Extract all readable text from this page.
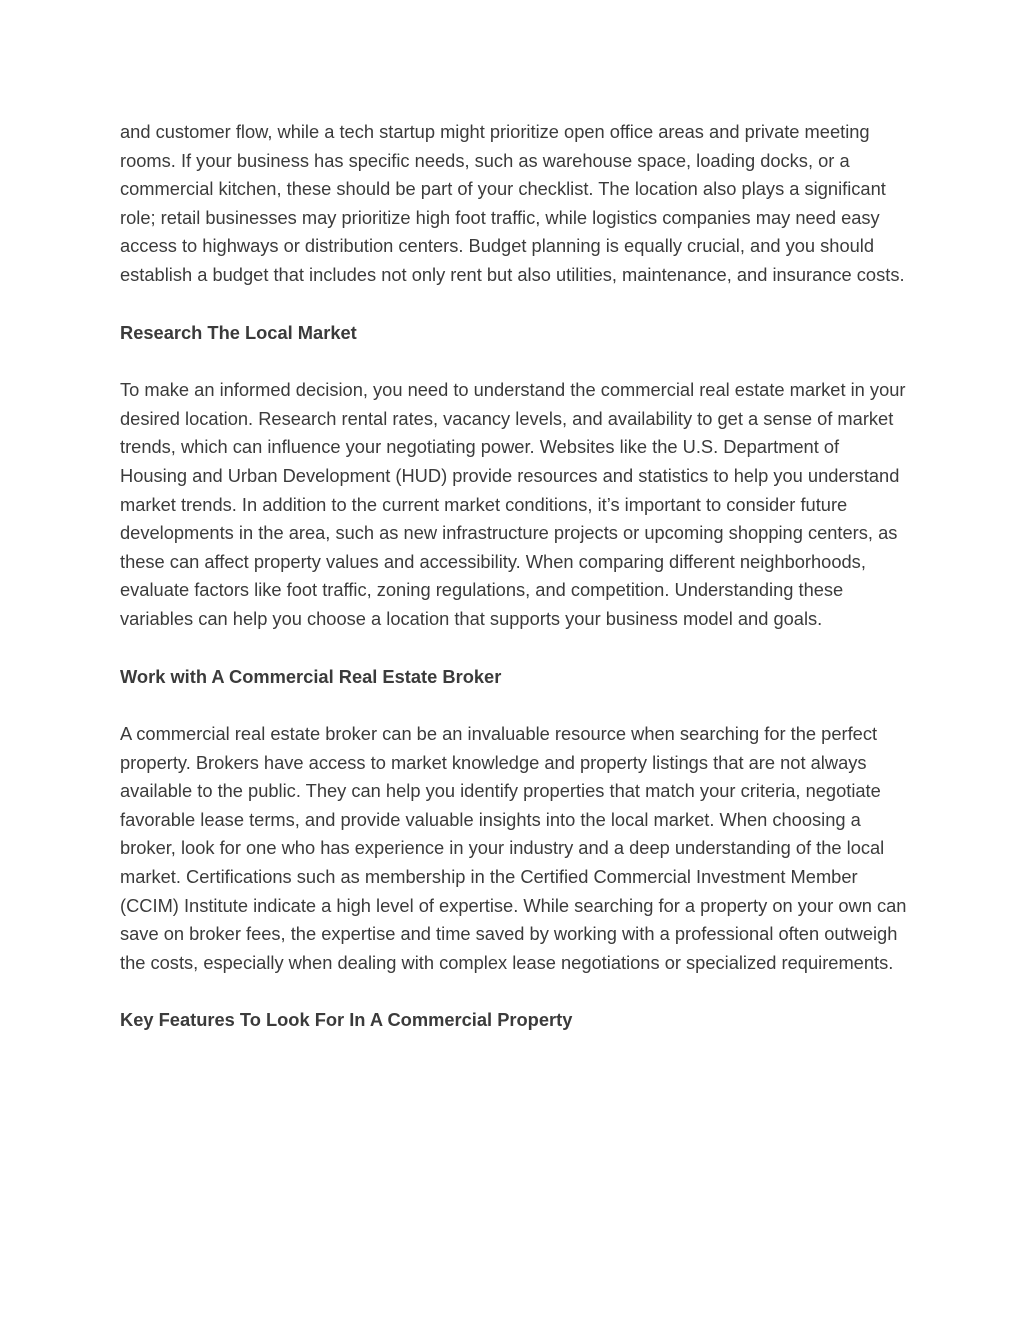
and customer flow, while a tech startup might prioritize open office areas and private meeting rooms. If your business has specific needs, such as warehouse space, loading docks, or a commercial kitchen, these should be part of your checklist. The location also plays a significant role; retail businesses may prioritize high foot traffic, while logistics companies may need easy access to highways or distribution centers. Budget planning is equally crucial, and you should establish a budget that includes not only rent but also utilities, maintenance, and insurance costs.

Research The Local Market

To make an informed decision, you need to understand the commercial real estate market in your desired location. Research rental rates, vacancy levels, and availability to get a sense of market trends, which can influence your negotiating power. Websites like the U.S. Department of Housing and Urban Development (HUD) provide resources and statistics to help you understand market trends. In addition to the current market conditions, it’s important to consider future developments in the area, such as new infrastructure projects or upcoming shopping centers, as these can affect property values and accessibility. When comparing different neighborhoods, evaluate factors like foot traffic, zoning regulations, and competition. Understanding these variables can help you choose a location that supports your business model and goals.

Work with A Commercial Real Estate Broker

A commercial real estate broker can be an invaluable resource when searching for the perfect property. Brokers have access to market knowledge and property listings that are not always available to the public. They can help you identify properties that match your criteria, negotiate favorable lease terms, and provide valuable insights into the local market. When choosing a broker, look for one who has experience in your industry and a deep understanding of the local market. Certifications such as membership in the Certified Commercial Investment Member (CCIM) Institute indicate a high level of expertise. While searching for a property on your own can save on broker fees, the expertise and time saved by working with a professional often outweigh the costs, especially when dealing with complex lease negotiations or specialized requirements.

Key Features To Look For In A Commercial Property
